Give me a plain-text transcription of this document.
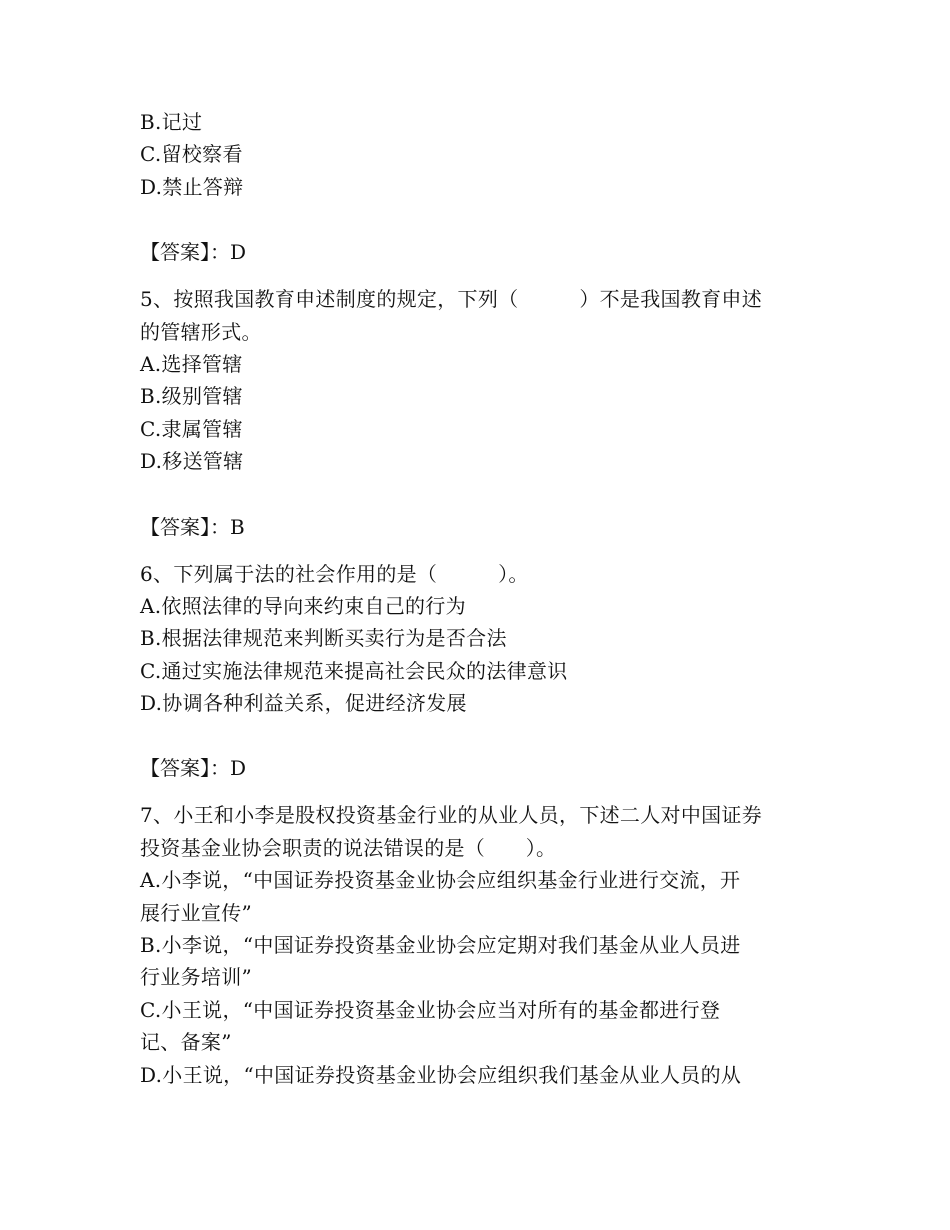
B.记过
C.留校察看
D.禁止答辩
【答案】：D
5、按照我国教育申述制度的规定，下列（　　　）不是我国教育申述
的管辖形式。
A.选择管辖
B.级别管辖
C.隶属管辖
D.移送管辖
【答案】：B
6、下列属于法的社会作用的是（　　　）。
A.依照法律的导向来约束自己的行为
B.根据法律规范来判断买卖行为是否合法
C.通过实施法律规范来提高社会民众的法律意识
D.协调各种利益关系，促进经济发展
【答案】：D
7、小王和小李是股权投资基金行业的从业人员，下述二人对中国证券
投资基金业协会职责的说法错误的是（　　）。
A.小李说，“中国证券投资基金业协会应组织基金行业进行交流，开
展行业宣传”
B.小李说，“中国证券投资基金业协会应定期对我们基金从业人员进
行业务培训”
C.小王说，“中国证券投资基金业协会应当对所有的基金都进行登
记、备案”
D.小王说，“中国证券投资基金业协会应组织我们基金从业人员的从
